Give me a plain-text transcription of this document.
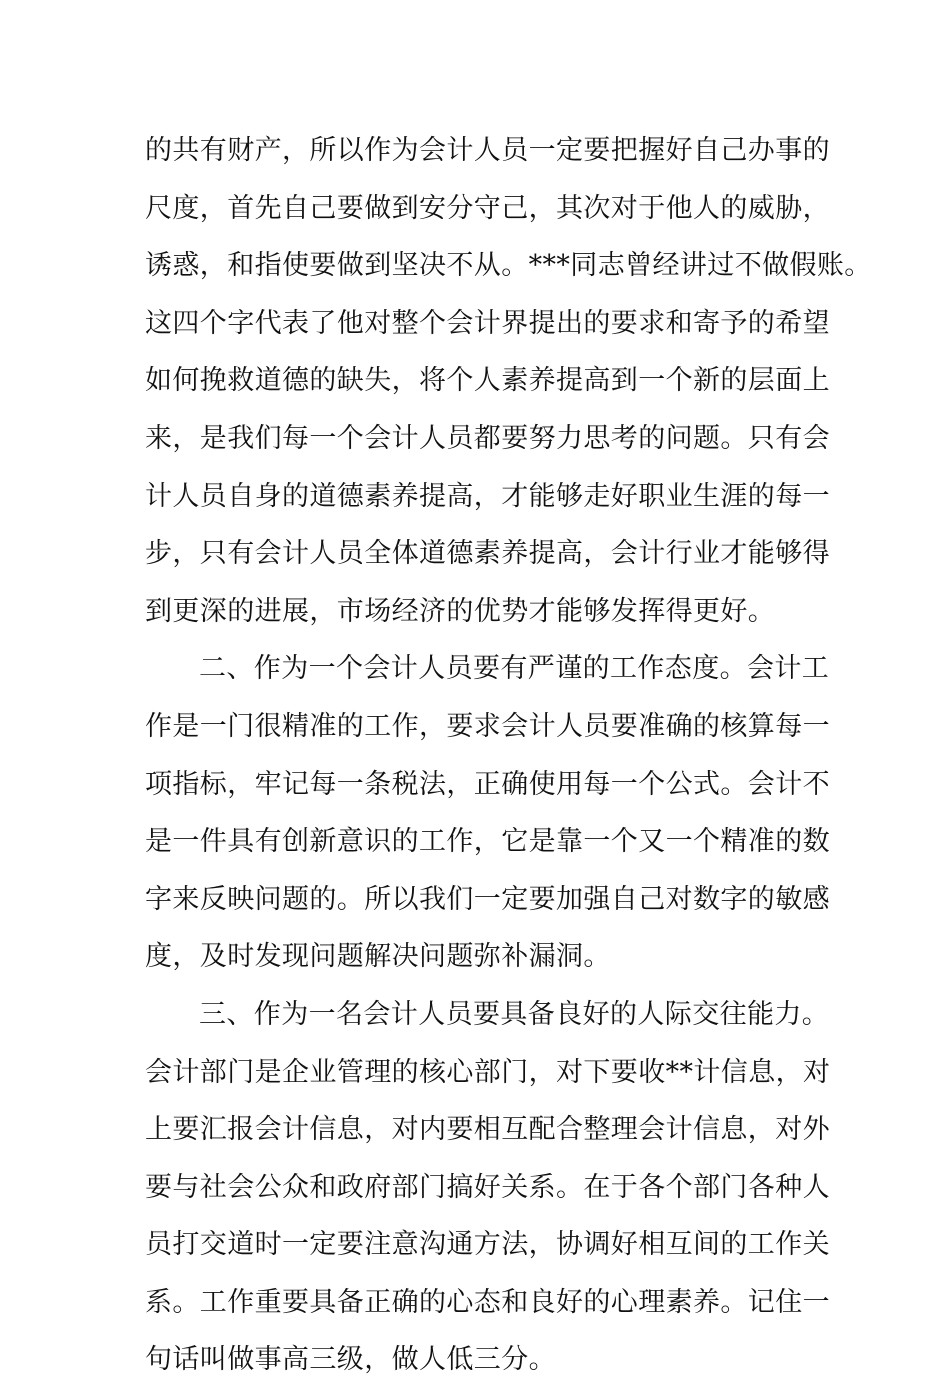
的共有财产，所以作为会计人员一定要把握好自己办事的
尺度，首先自己要做到安分守己，其次对于他人的威胁，
诱惑，和指使要做到坚决不从。***同志曾经讲过不做假账。
这四个字代表了他对整个会计界提出的要求和寄予的希望
如何挽救道德的缺失，将个人素养提高到一个新的层面上
来，是我们每一个会计人员都要努力思考的问题。只有会
计人员自身的道德素养提高，才能够走好职业生涯的每一
步，只有会计人员全体道德素养提高，会计行业才能够得
到更深的进展，市场经济的优势才能够发挥得更好。
二、作为一个会计人员要有严谨的工作态度。会计工
作是一门很精准的工作，要求会计人员要准确的核算每一
项指标，牢记每一条税法，正确使用每一个公式。会计不
是一件具有创新意识的工作，它是靠一个又一个精准的数
字来反映问题的。所以我们一定要加强自己对数字的敏感
度，及时发现问题解决问题弥补漏洞。
三、作为一名会计人员要具备良好的人际交往能力。
会计部门是企业管理的核心部门，对下要收**计信息，对
上要汇报会计信息，对内要相互配合整理会计信息，对外
要与社会公众和政府部门搞好关系。在于各个部门各种人
员打交道时一定要注意沟通方法，协调好相互间的工作关
系。工作重要具备正确的心态和良好的心理素养。记住一
句话叫做事高三级，做人低三分。
